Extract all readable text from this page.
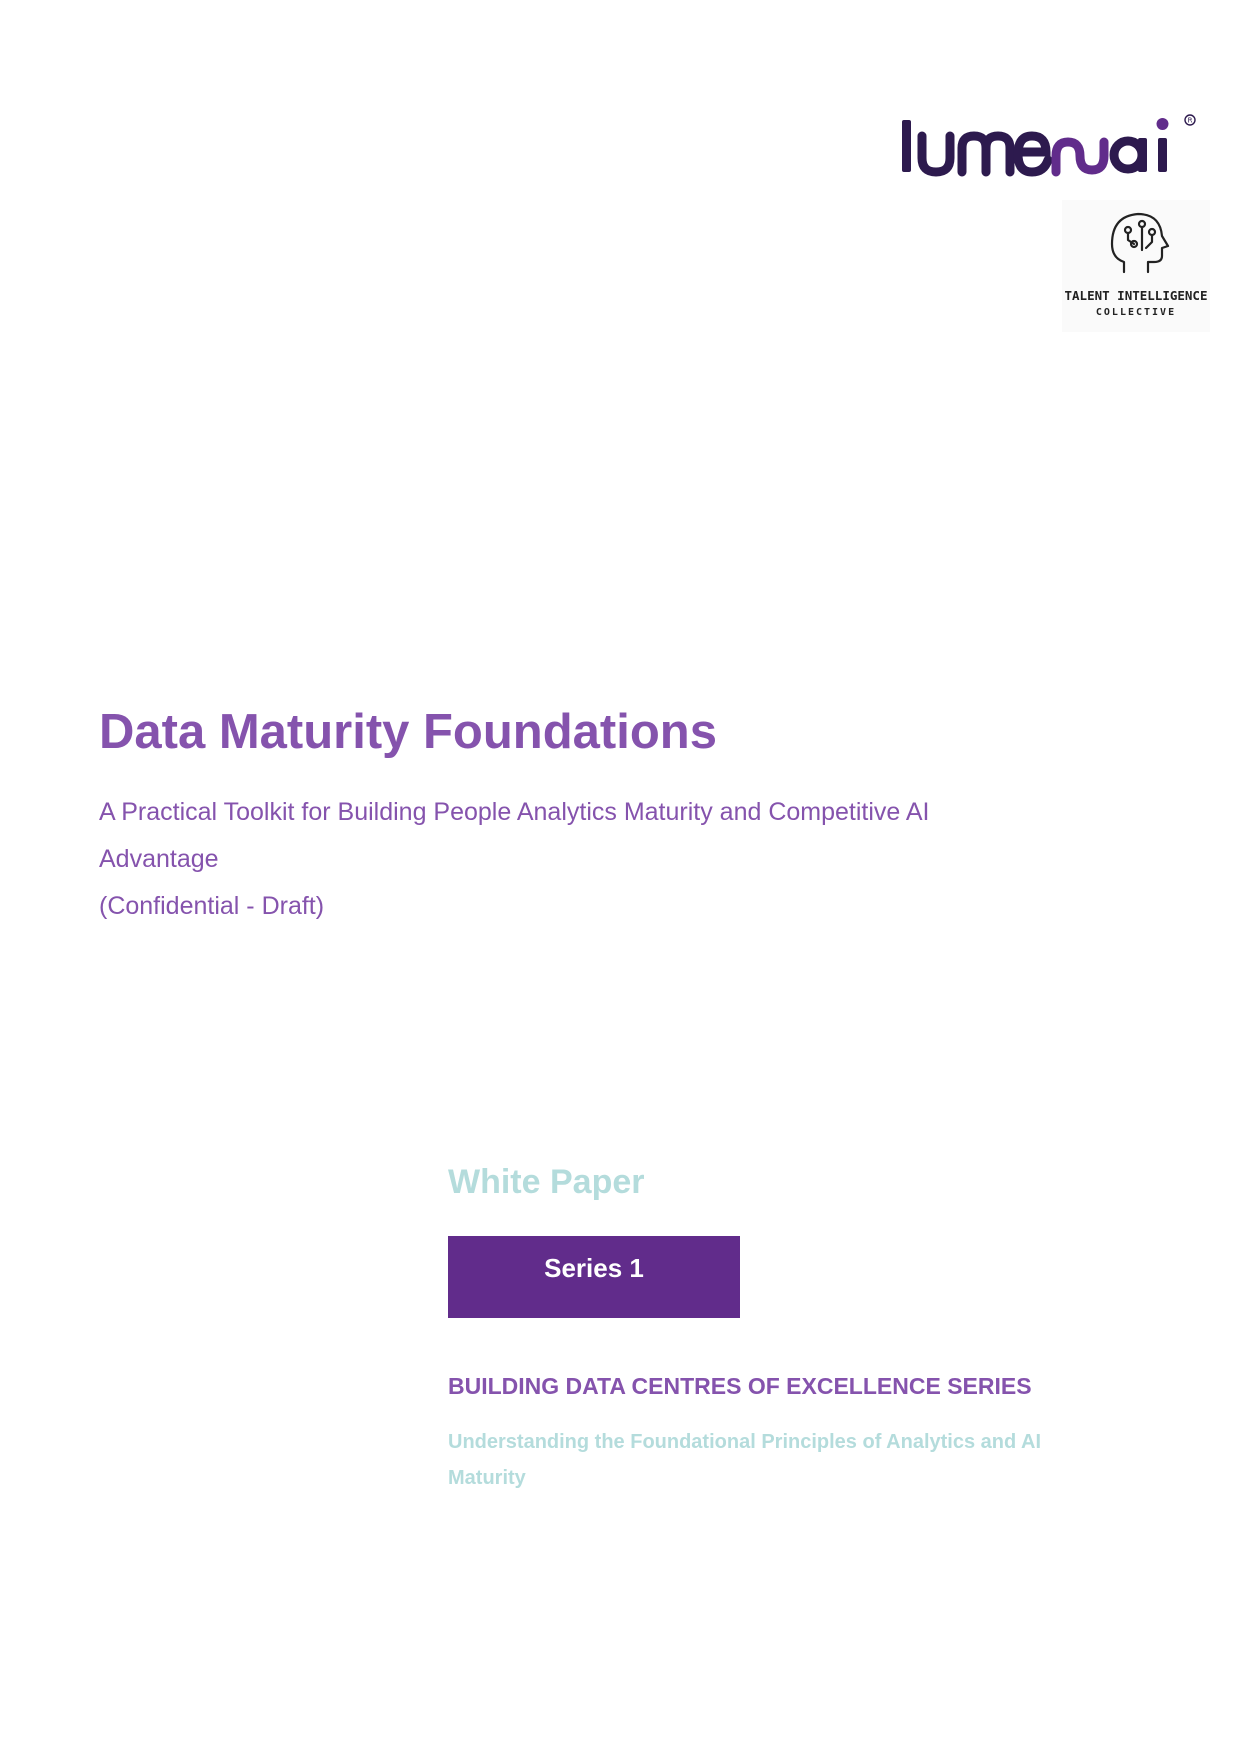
R
TALENT INTELLIGENCE
COLLECTIVE
Data Maturity Foundations
A Practical Toolkit for Building People Analytics Maturity and Competitive AI
Advantage
(Confidential - Draft)
White Paper
Series 1
BUILDING DATA CENTRES OF EXCELLENCE SERIES
Understanding the Foundational Principles of Analytics and AI Maturity
